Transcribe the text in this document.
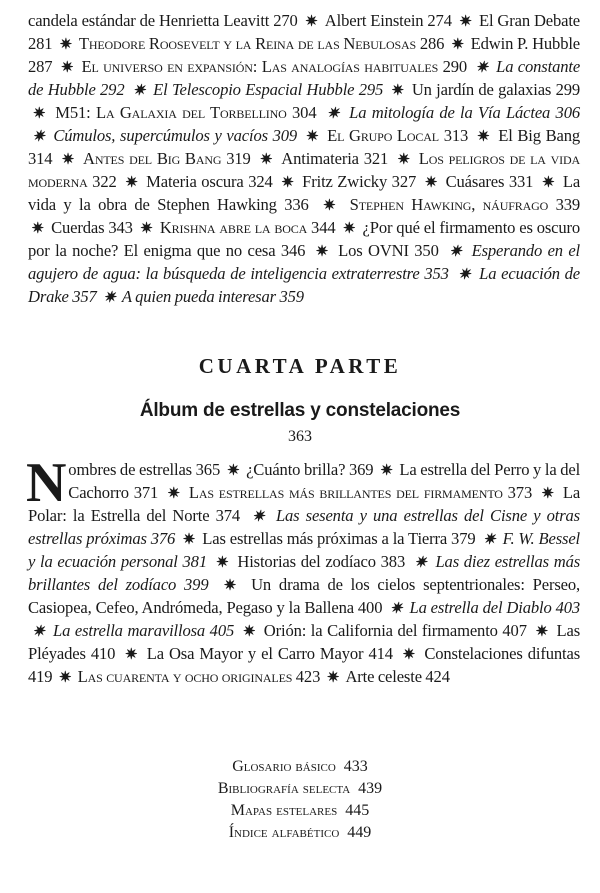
candela estándar de Henrietta Leavitt 270 ✷  Albert Einstein 274 ✷  El Gran Debate 281 ✷  Theodore Roosevelt y la Reina de las Nebulosas 286 ✷  Edwin P. Hubble 287 ✷  El universo en expansión: Las analogías habituales 290 ✷  La constante de Hubble 292 ✷  El Telescopio Espacial Hubble 295 ✷  Un jardín de galaxias 299  ✷  M51: La Galaxia del Torbellino 304 ✷  La mitología de la Vía Láctea 306  ✷  Cúmulos, supercúmulos y vacíos 309 ✷  El Grupo Local 313 ✷  El Big Bang 314 ✷  Antes del Big Bang 319 ✷  Antimateria 321 ✷  Los peligros de la vida moderna 322 ✷  Materia oscura 324 ✷  Fritz Zwicky 327 ✷  Cuásares 331 ✷  La vida y la obra de Stephen Hawking 336 ✷  Stephen Hawking, náufrago 339  ✷  Cuerdas 343 ✷  Krishna abre la boca 344 ✷  ¿Por qué el firmamento es oscuro por la noche? El enigma que no cesa 346 ✷  Los OVNI 350 ✷  Esperando en el agujero de agua: la búsqueda de inteligencia extraterrestre 353 ✷  La ecuación de Drake 357 ✷  A quien pueda interesar 359
CUARTA PARTE
Álbum de estrellas y constelaciones
363
N ombres de estrellas 365 ✷  ¿Cuánto brilla? 369 ✷  La estrella del Perro y la del Cachorro 371 ✷  Las estrellas más brillantes del firmamento 373 ✷  La Polar: la Estrella del Norte 374 ✷  Las sesenta y una estrellas del Cisne y otras estrellas próximas 376 ✷  Las estrellas más próximas a la Tierra 379 ✷  F. W. Bessel y la ecuación personal 381 ✷  Historias del zodíaco 383 ✷  Las diez estrellas más brillantes del zodíaco 399	✷  Un drama de los cielos septentrionales: Perseo, Casiopea, Cefeo, Andrómeda, Pegaso y la Ballena 400 ✷  La estrella del Diablo 403  ✷  La estrella maravillosa 405 ✷  Orión: la California del firmamento 407 ✷  Las Pléyades 410 ✷  La Osa Mayor y el Carro Mayor 414 ✷  Constelaciones difuntas 419 ✷  Las cuarenta y ocho originales 423 ✷  Arte celeste 424
Glosario básico 433
Bibliografía selecta 439
Mapas estelares 445
Índice alfabético 449
